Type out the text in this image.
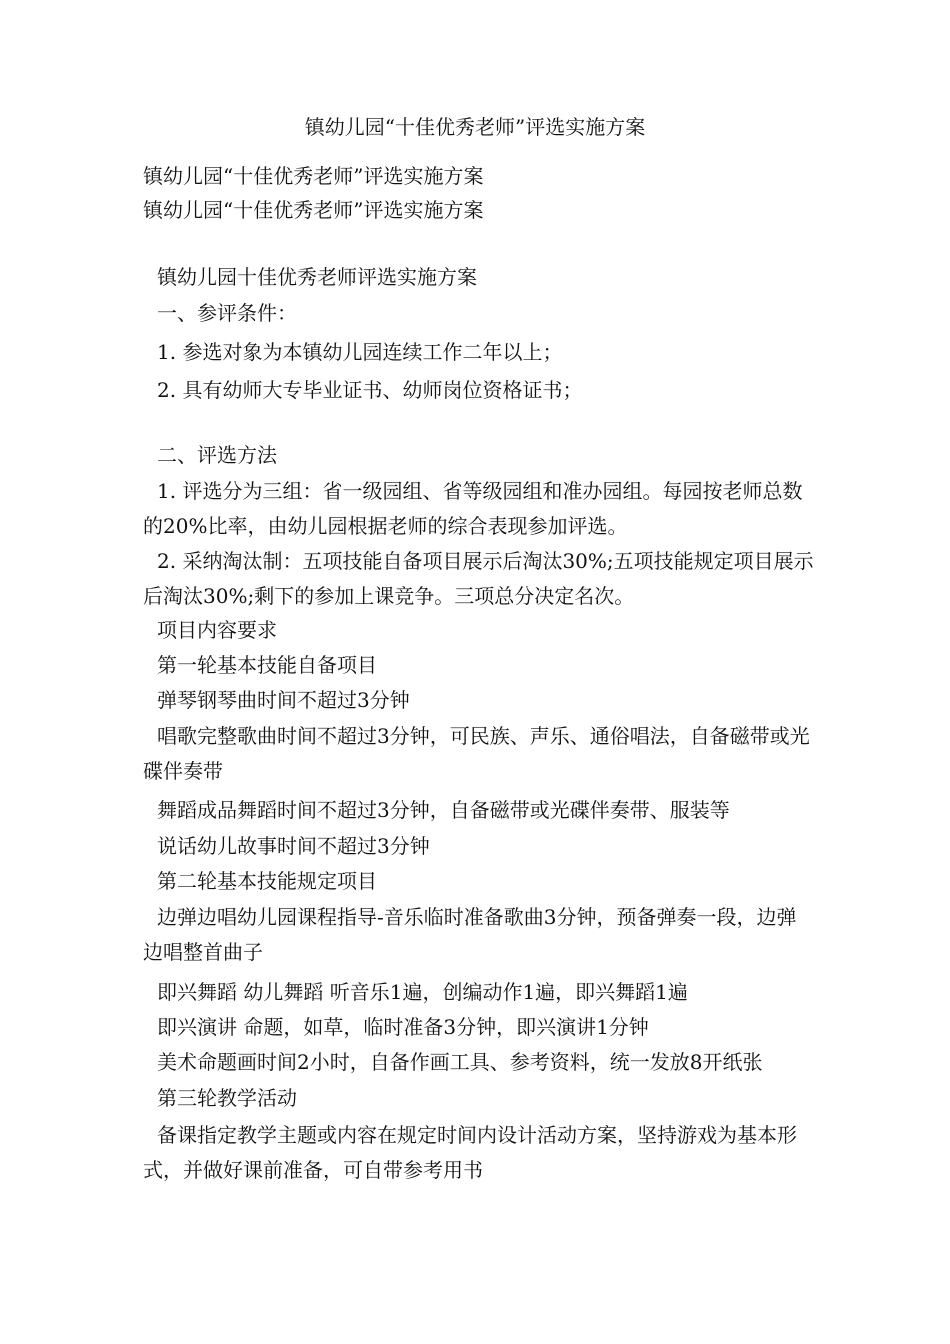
镇幼儿园“十佳优秀老师”评选实施方案
镇幼儿园“十佳优秀老师”评选实施方案
镇幼儿园“十佳优秀老师”评选实施方案
镇幼儿园十佳优秀老师评选实施方案
一、参评条件：
1. 参选对象为本镇幼儿园连续工作二年以上；
2. 具有幼师大专毕业证书、幼师岗位资格证书；
二、评选方法
1. 评选分为三组：省一级园组、省等级园组和准办园组。每园按老师总数的20%比率，由幼儿园根据老师的综合表现参加评选。
2. 采纳淘汰制：五项技能自备项目展示后淘汰30%;五项技能规定项目展示后淘汰30%;剩下的参加上课竞争。三项总分决定名次。
项目内容要求
第一轮基本技能自备项目
弹琴钢琴曲时间不超过3分钟
唱歌完整歌曲时间不超过3分钟，可民族、声乐、通俗唱法，自备磁带或光碟伴奏带
舞蹈成品舞蹈时间不超过3分钟，自备磁带或光碟伴奏带、服装等
说话幼儿故事时间不超过3分钟
第二轮基本技能规定项目
边弹边唱幼儿园课程指导-音乐临时准备歌曲3分钟，预备弹奏一段，边弹边唱整首曲子
即兴舞蹈 幼儿舞蹈 听音乐1遍，创编动作1遍，即兴舞蹈1遍
即兴演讲 命题，如草，临时准备3分钟，即兴演讲1分钟
美术命题画时间2小时，自备作画工具、参考资料，统一发放8开纸张
第三轮教学活动
备课指定教学主题或内容在规定时间内设计活动方案，坚持游戏为基本形式，并做好课前准备，可自带参考用书
